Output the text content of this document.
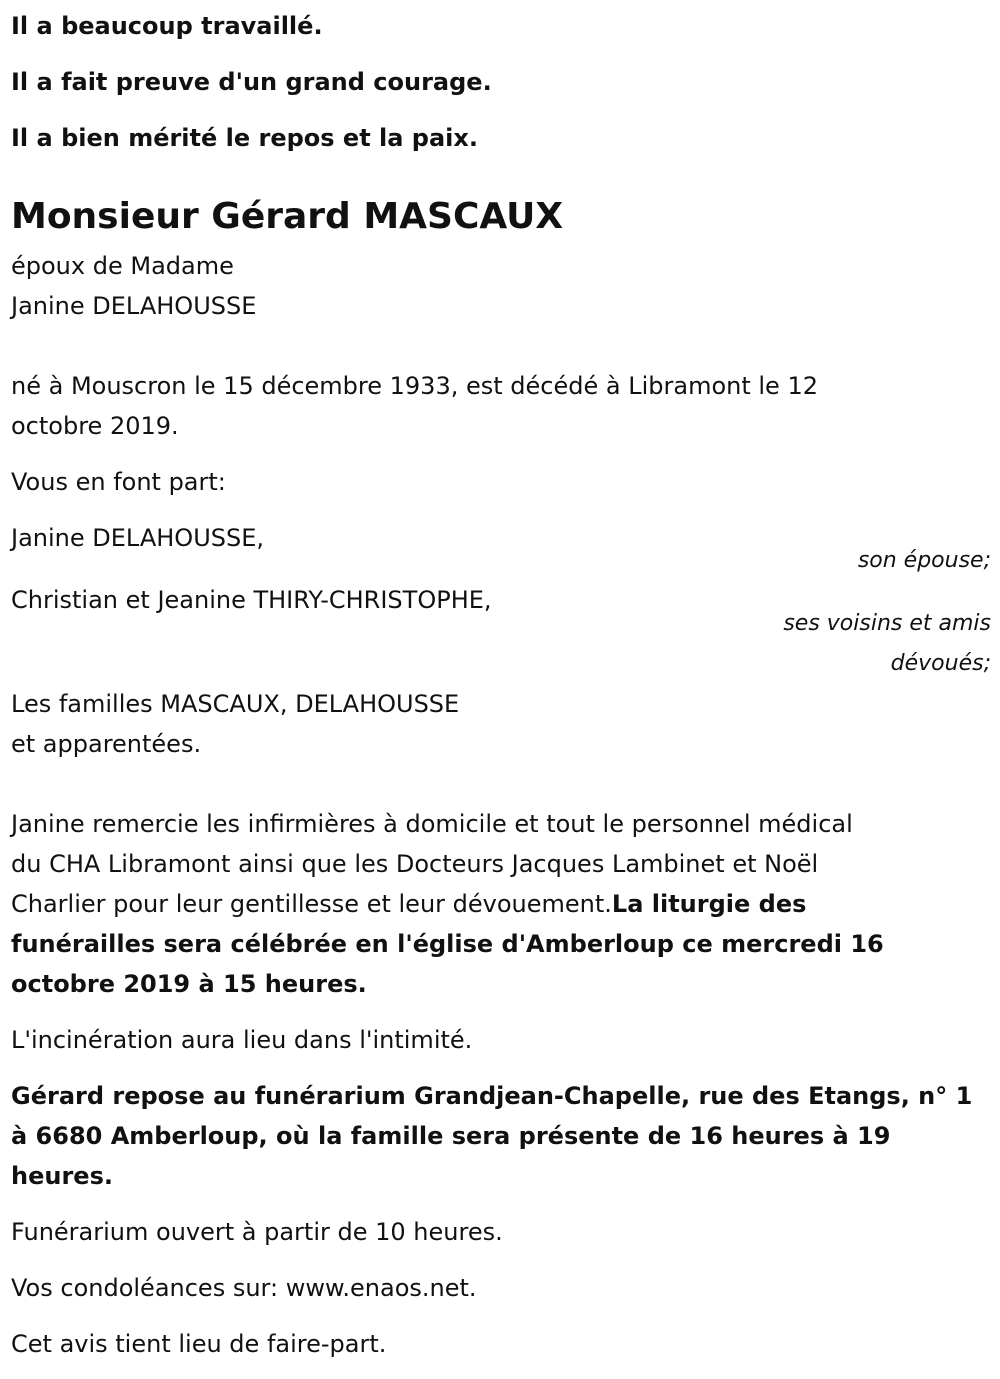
Il a beaucoup travaillé.
Il a fait preuve d'un grand courage.
Il a bien mérité le repos et la paix.
Monsieur Gérard MASCAUX
époux de Madame
Janine DELAHOUSSE
né à Mouscron le 15 décembre 1933, est décédé à Libramont le 12
octobre 2019.
Vous en font part:
Janine DELAHOUSSE,
son épouse;
Christian et Jeanine THIRY-CHRISTOPHE,
ses voisins et amis
dévoués;
Les familles MASCAUX, DELAHOUSSE
et apparentées.
Janine remercie les infirmières à domicile et tout le personnel médical
du CHA Libramont ainsi que les Docteurs Jacques Lambinet et Noël
Charlier pour leur gentillesse et leur dévouement.La liturgie des
funérailles sera célébrée en l'église d'Amberloup ce mercredi 16
octobre 2019 à 15 heures.
L'incinération aura lieu dans l'intimité.
Gérard repose au funérarium Grandjean-Chapelle, rue des Etangs, n° 1
à 6680 Amberloup, où la famille sera présente de 16 heures à 19
heures.
Funérarium ouvert à partir de 10 heures.
Vos condoléances sur: www.enaos.net.
Cet avis tient lieu de faire-part.
